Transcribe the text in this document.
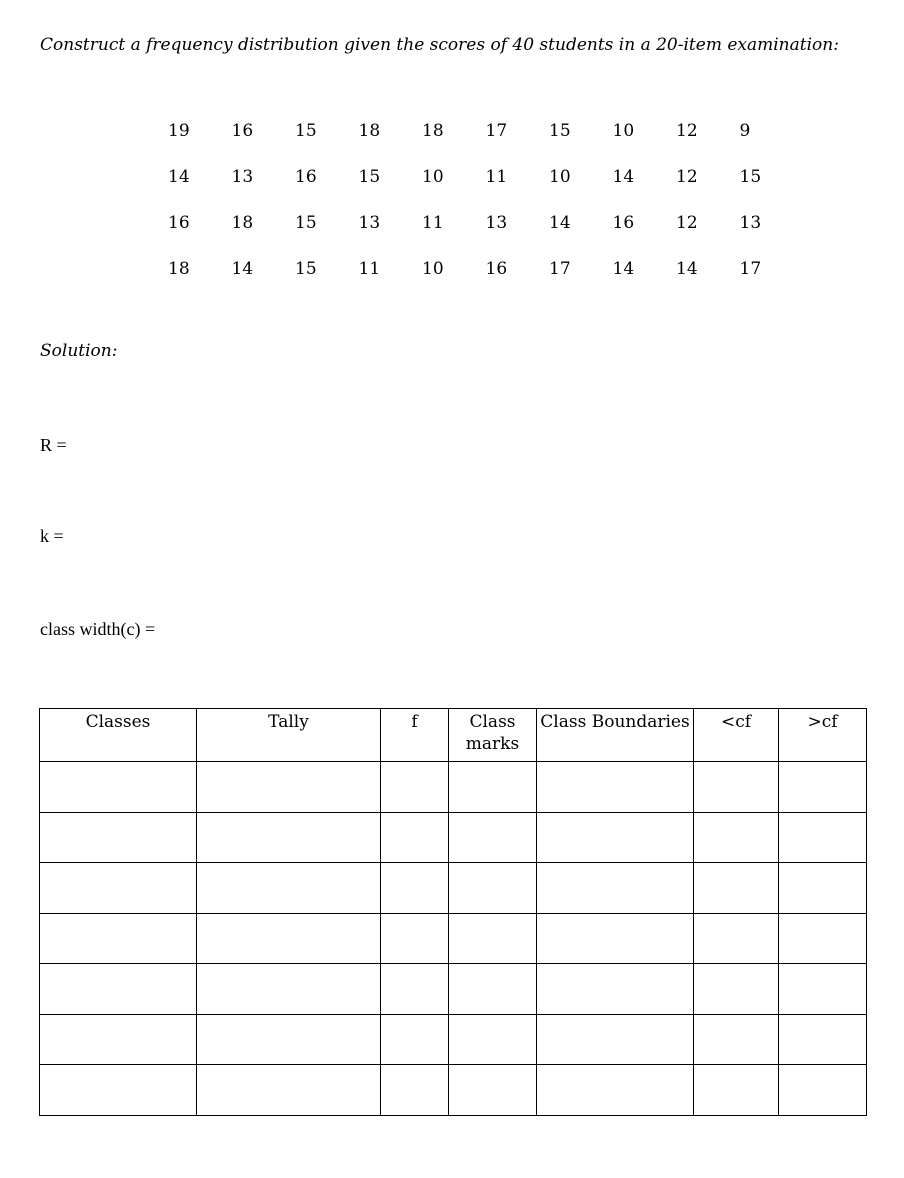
Construct a frequency distribution given the scores of 40 students in a 20-item examination:
19	16	15	18	18	17	15	10	12	9
14	13	16	15	10	11	10	14	12	15
16	18	15	13	11	13	14	16	12	13
18	14	15	11	10	16	17	14	14	17
Solution:
R =
k =
class width(c) =
Classes	Tally	f	Class marks	Class Boundaries	<cf	>cf
